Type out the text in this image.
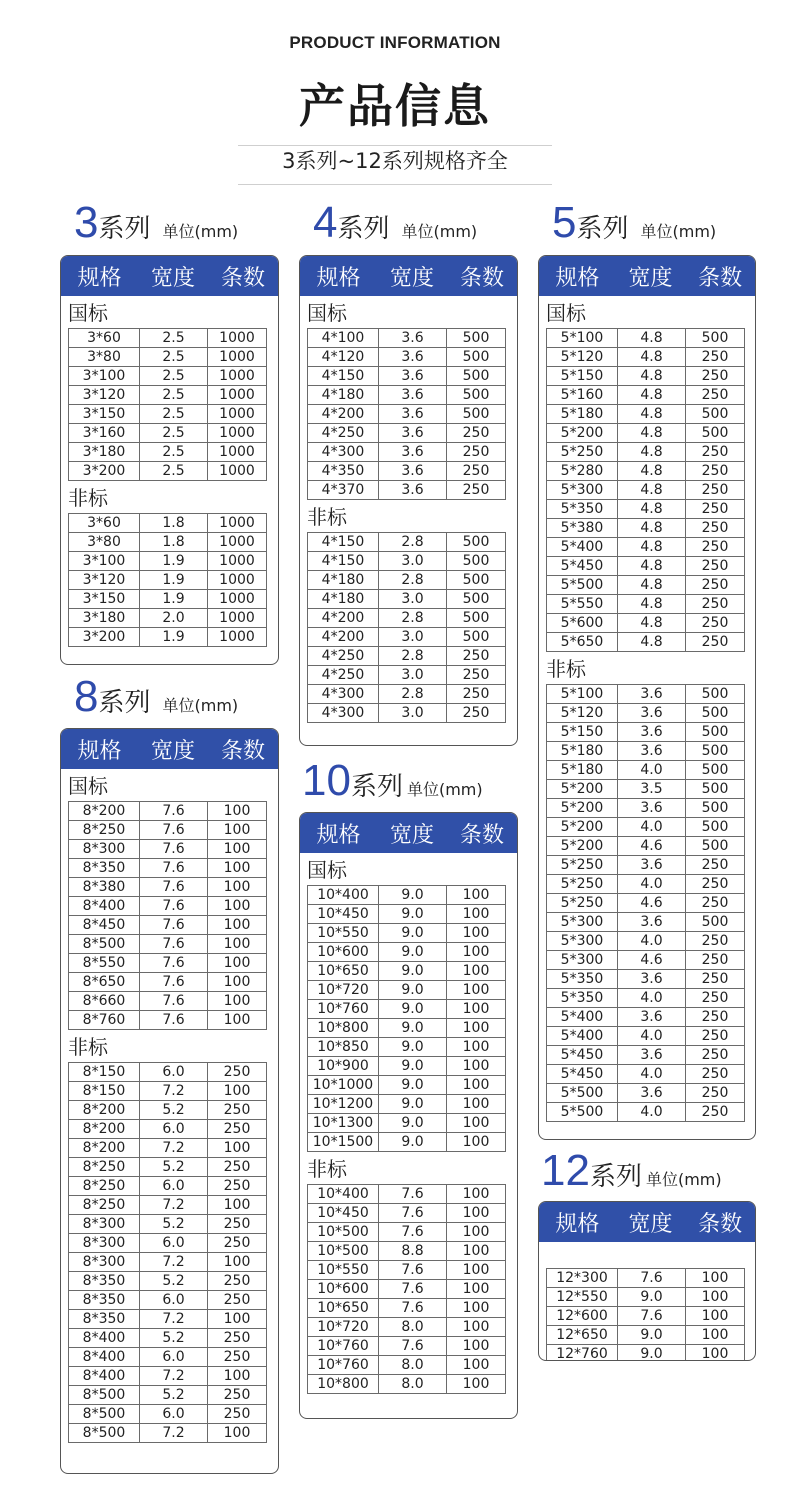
PRODUCT INFORMATION
产品信息
3系列~12系列规格齐全
3系列 单位(mm) 4系列 单位(mm) 5系列 单位(mm)
8系列 单位(mm)
10系列 单位(mm)
12系列 单位(mm)
规格	宽度	条数
国标
3*60	2.5	1000
3*80	2.5	1000
3*100	2.5	1000
3*120	2.5	1000
3*150	2.5	1000
3*160	2.5	1000
3*180	2.5	1000
3*200	2.5	1000
非标
3*60	1.8	1000
3*80	1.8	1000
3*100	1.9	1000
3*120	1.9	1000
3*150	1.9	1000
3*180	2.0	1000
3*200	1.9	1000
规格	宽度	条数
国标
4*100	3.6	500
4*120	3.6	500
4*150	3.6	500
4*180	3.6	500
4*200	3.6	500
4*250	3.6	250
4*300	3.6	250
4*350	3.6	250
4*370	3.6	250
非标
4*150	2.8	500
4*150	3.0	500
4*180	2.8	500
4*180	3.0	500
4*200	2.8	500
4*200	3.0	500
4*250	2.8	250
4*250	3.0	250
4*300	2.8	250
4*300	3.0	250
规格	宽度	条数
国标
5*100	4.8	500
5*120	4.8	250
5*150	4.8	250
5*160	4.8	250
5*180	4.8	500
5*200	4.8	500
5*250	4.8	250
5*280	4.8	250
5*300	4.8	250
5*350	4.8	250
5*380	4.8	250
5*400	4.8	250
5*450	4.8	250
5*500	4.8	250
5*550	4.8	250
5*600	4.8	250
5*650	4.8	250
非标
5*100	3.6	500
5*120	3.6	500
5*150	3.6	500
5*180	3.6	500
5*180	4.0	500
5*200	3.5	500
5*200	3.6	500
5*200	4.0	500
5*200	4.6	500
5*250	3.6	250
5*250	4.0	250
5*250	4.6	250
5*300	3.6	500
5*300	4.0	250
5*300	4.6	250
5*350	3.6	250
5*350	4.0	250
5*400	3.6	250
5*400	4.0	250
5*450	3.6	250
5*450	4.0	250
5*500	3.6	250
5*500	4.0	250
规格	宽度	条数
国标
8*200	7.6	100
8*250	7.6	100
8*300	7.6	100
8*350	7.6	100
8*380	7.6	100
8*400	7.6	100
8*450	7.6	100
8*500	7.6	100
8*550	7.6	100
8*650	7.6	100
8*660	7.6	100
8*760	7.6	100
非标
8*150	6.0	250
8*150	7.2	100
8*200	5.2	250
8*200	6.0	250
8*200	7.2	100
8*250	5.2	250
8*250	6.0	250
8*250	7.2	100
8*300	5.2	250
8*300	6.0	250
8*300	7.2	100
8*350	5.2	250
8*350	6.0	250
8*350	7.2	100
8*400	5.2	250
8*400	6.0	250
8*400	7.2	100
8*500	5.2	250
8*500	6.0	250
8*500	7.2	100
规格	宽度	条数
国标
10*400	9.0	100
10*450	9.0	100
10*550	9.0	100
10*600	9.0	100
10*650	9.0	100
10*720	9.0	100
10*760	9.0	100
10*800	9.0	100
10*850	9.0	100
10*900	9.0	100
10*1000	9.0	100
10*1200	9.0	100
10*1300	9.0	100
10*1500	9.0	100
非标
10*400	7.6	100
10*450	7.6	100
10*500	7.6	100
10*500	8.8	100
10*550	7.6	100
10*600	7.6	100
10*650	7.6	100
10*720	8.0	100
10*760	7.6	100
10*760	8.0	100
10*800	8.0	100
规格	宽度	条数
12*300	7.6	100
12*550	9.0	100
12*600	7.6	100
12*650	9.0	100
12*760	9.0	100
